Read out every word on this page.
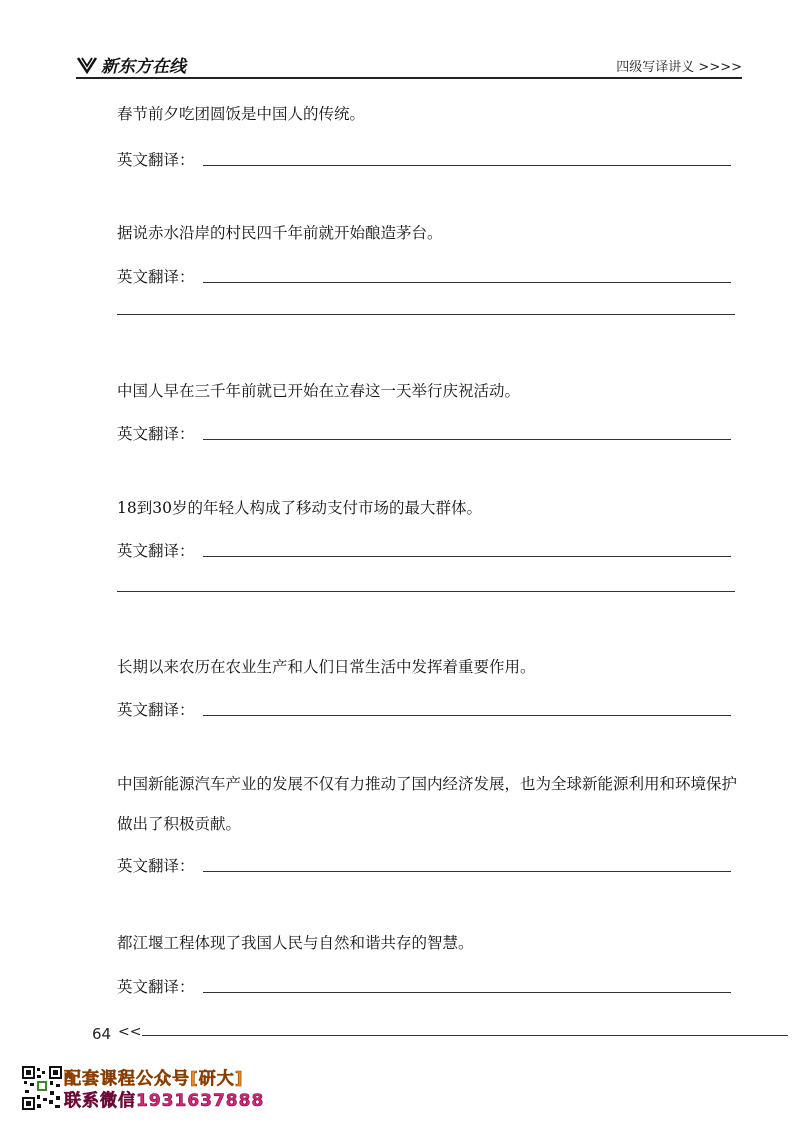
新东方在线	四级写译讲义 >>>>

春节前夕吃团圆饭是中国人的传统。

英文翻译：

据说赤水沿岸的村民四千年前就开始酿造茅台。

英文翻译：

中国人早在三千年前就已开始在立春这一天举行庆祝活动。

英文翻译：

18到30岁的年轻人构成了移动支付市场的最大群体。

英文翻译：

长期以来农历在农业生产和人们日常生活中发挥着重要作用。

英文翻译：

中国新能源汽车产业的发展不仅有力推动了国内经济发展，也为全球新能源利用和环境保护做出了积极贡献。

英文翻译：

都江堰工程体现了我国人民与自然和谐共存的智慧。

英文翻译：
64 <<
配套课程公众号[研大]
联系微信1931637888
